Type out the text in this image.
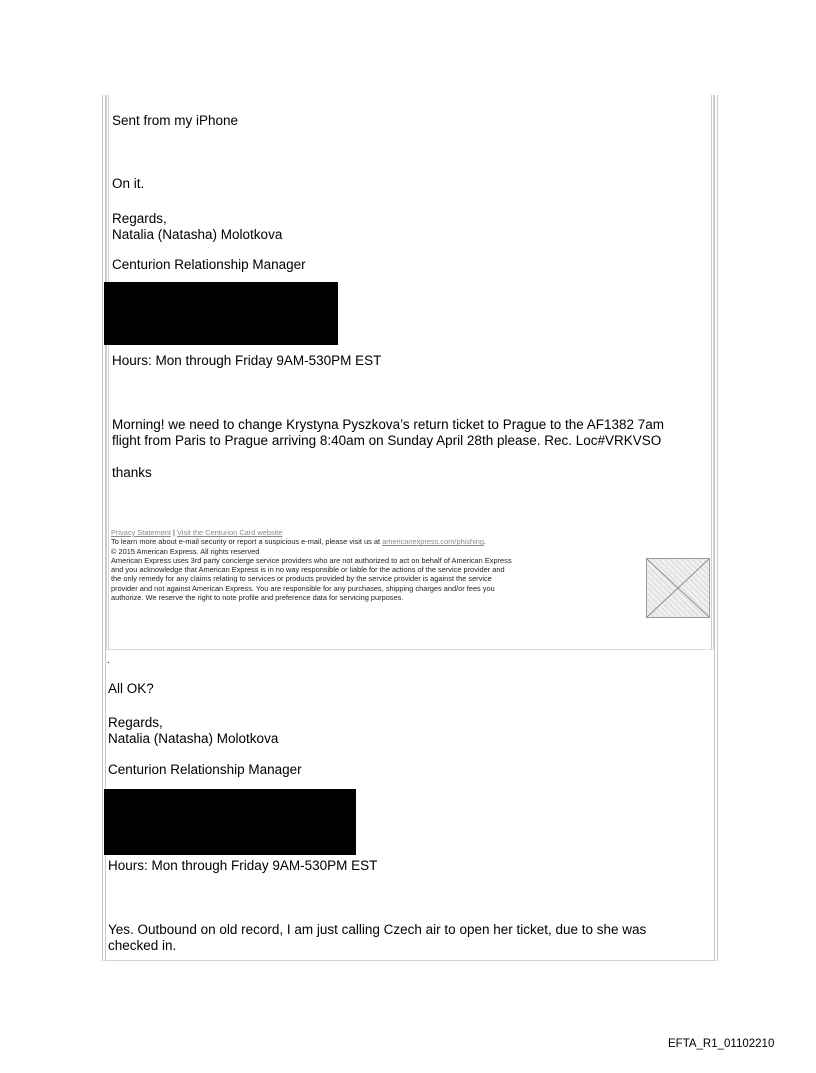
Sent from my iPhone
On it.
Regards,
Natalia (Natasha) Molotkova
Centurion Relationship Manager
Hours: Mon through Friday 9AM-530PM EST
Morning! we need to change Krystyna Pyszkova’s return ticket to Prague to the AF1382 7am
flight from Paris to Prague arriving 8:40am on Sunday April 28th please. Rec. Loc#VRKVSO
thanks

Privacy Statement | Visit the Centurion Card website

To learn more about e-mail security or report a suspicious e-mail, please visit us at americanexpress.com/phishing.

© 2015 American Express. All rights reserved

American Express uses 3rd party concierge service providers who are not authorized to act on behalf of American Express

and you acknowledge that American Express is in no way responsible or liable for the actions of the service provider and

the only remedy for any claims relating to services or products provided by the service provider is against the service

provider and not against American Express. You are responsible for any purchases, shipping charges and/or fees you

authorize. We reserve the right to note profile and preference data for servicing purposes.

.
All OK?
Regards,
Natalia (Natasha) Molotkova
Centurion Relationship Manager
Hours: Mon through Friday 9AM-530PM EST
Yes. Outbound on old record, I am just calling Czech air to open her ticket, due to she was
checked in.
EFTA_R1_01102210
